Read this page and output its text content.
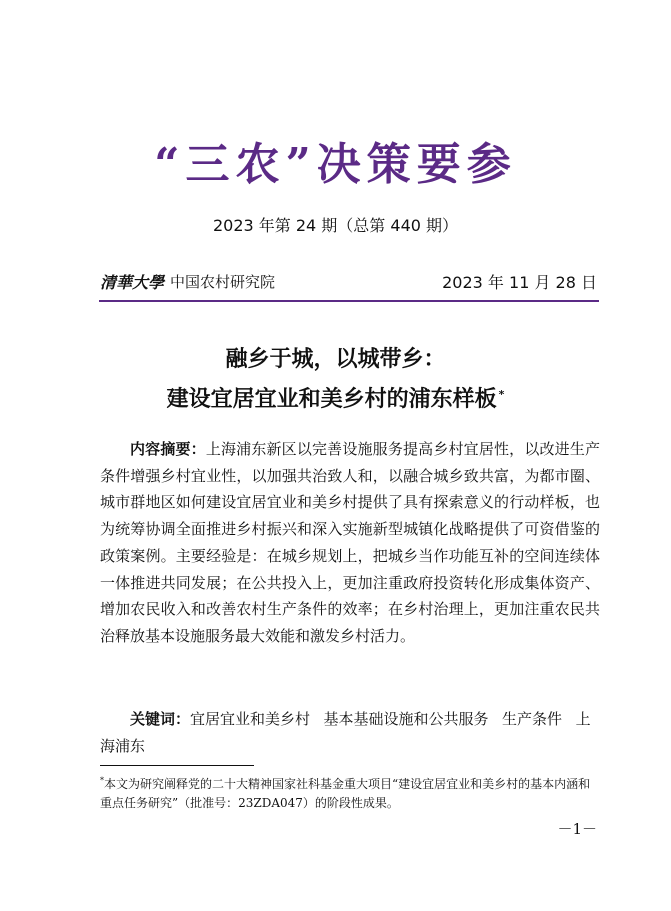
“三农”决策要参
2023 年第 24 期（总第 440 期）
清華大學 中国农村研究院	2023 年 11 月 28 日
融乡于城，以城带乡：
建设宜居宜业和美乡村的浦东样板 *
内容摘要：上海浦东新区以完善设施服务提高乡村宜居性，以改进生产条件增强乡村宜业性，以加强共治致人和，以融合城乡致共富，为都市圈、城市群地区如何建设宜居宜业和美乡村提供了具有探索意义的行动样板，也为统筹协调全面推进乡村振兴和深入实施新型城镇化战略提供了可资借鉴的政策案例。主要经验是：在城乡规划上，把城乡当作功能互补的空间连续体一体推进共同发展；在公共投入上，更加注重政府投资转化形成集体资产、增加农民收入和改善农村生产条件的效率；在乡村治理上，更加注重农民共治释放基本设施服务最大效能和激发乡村活力。
关键词：宜居宜业和美乡村 基本基础设施和公共服务 生产条件 上海浦东
*本文为研究阐释党的二十大精神国家社科基金重大项目“建设宜居宜业和美乡村的基本内涵和重点任务研究”（批准号：23ZDA047）的阶段性成果。
－1－
